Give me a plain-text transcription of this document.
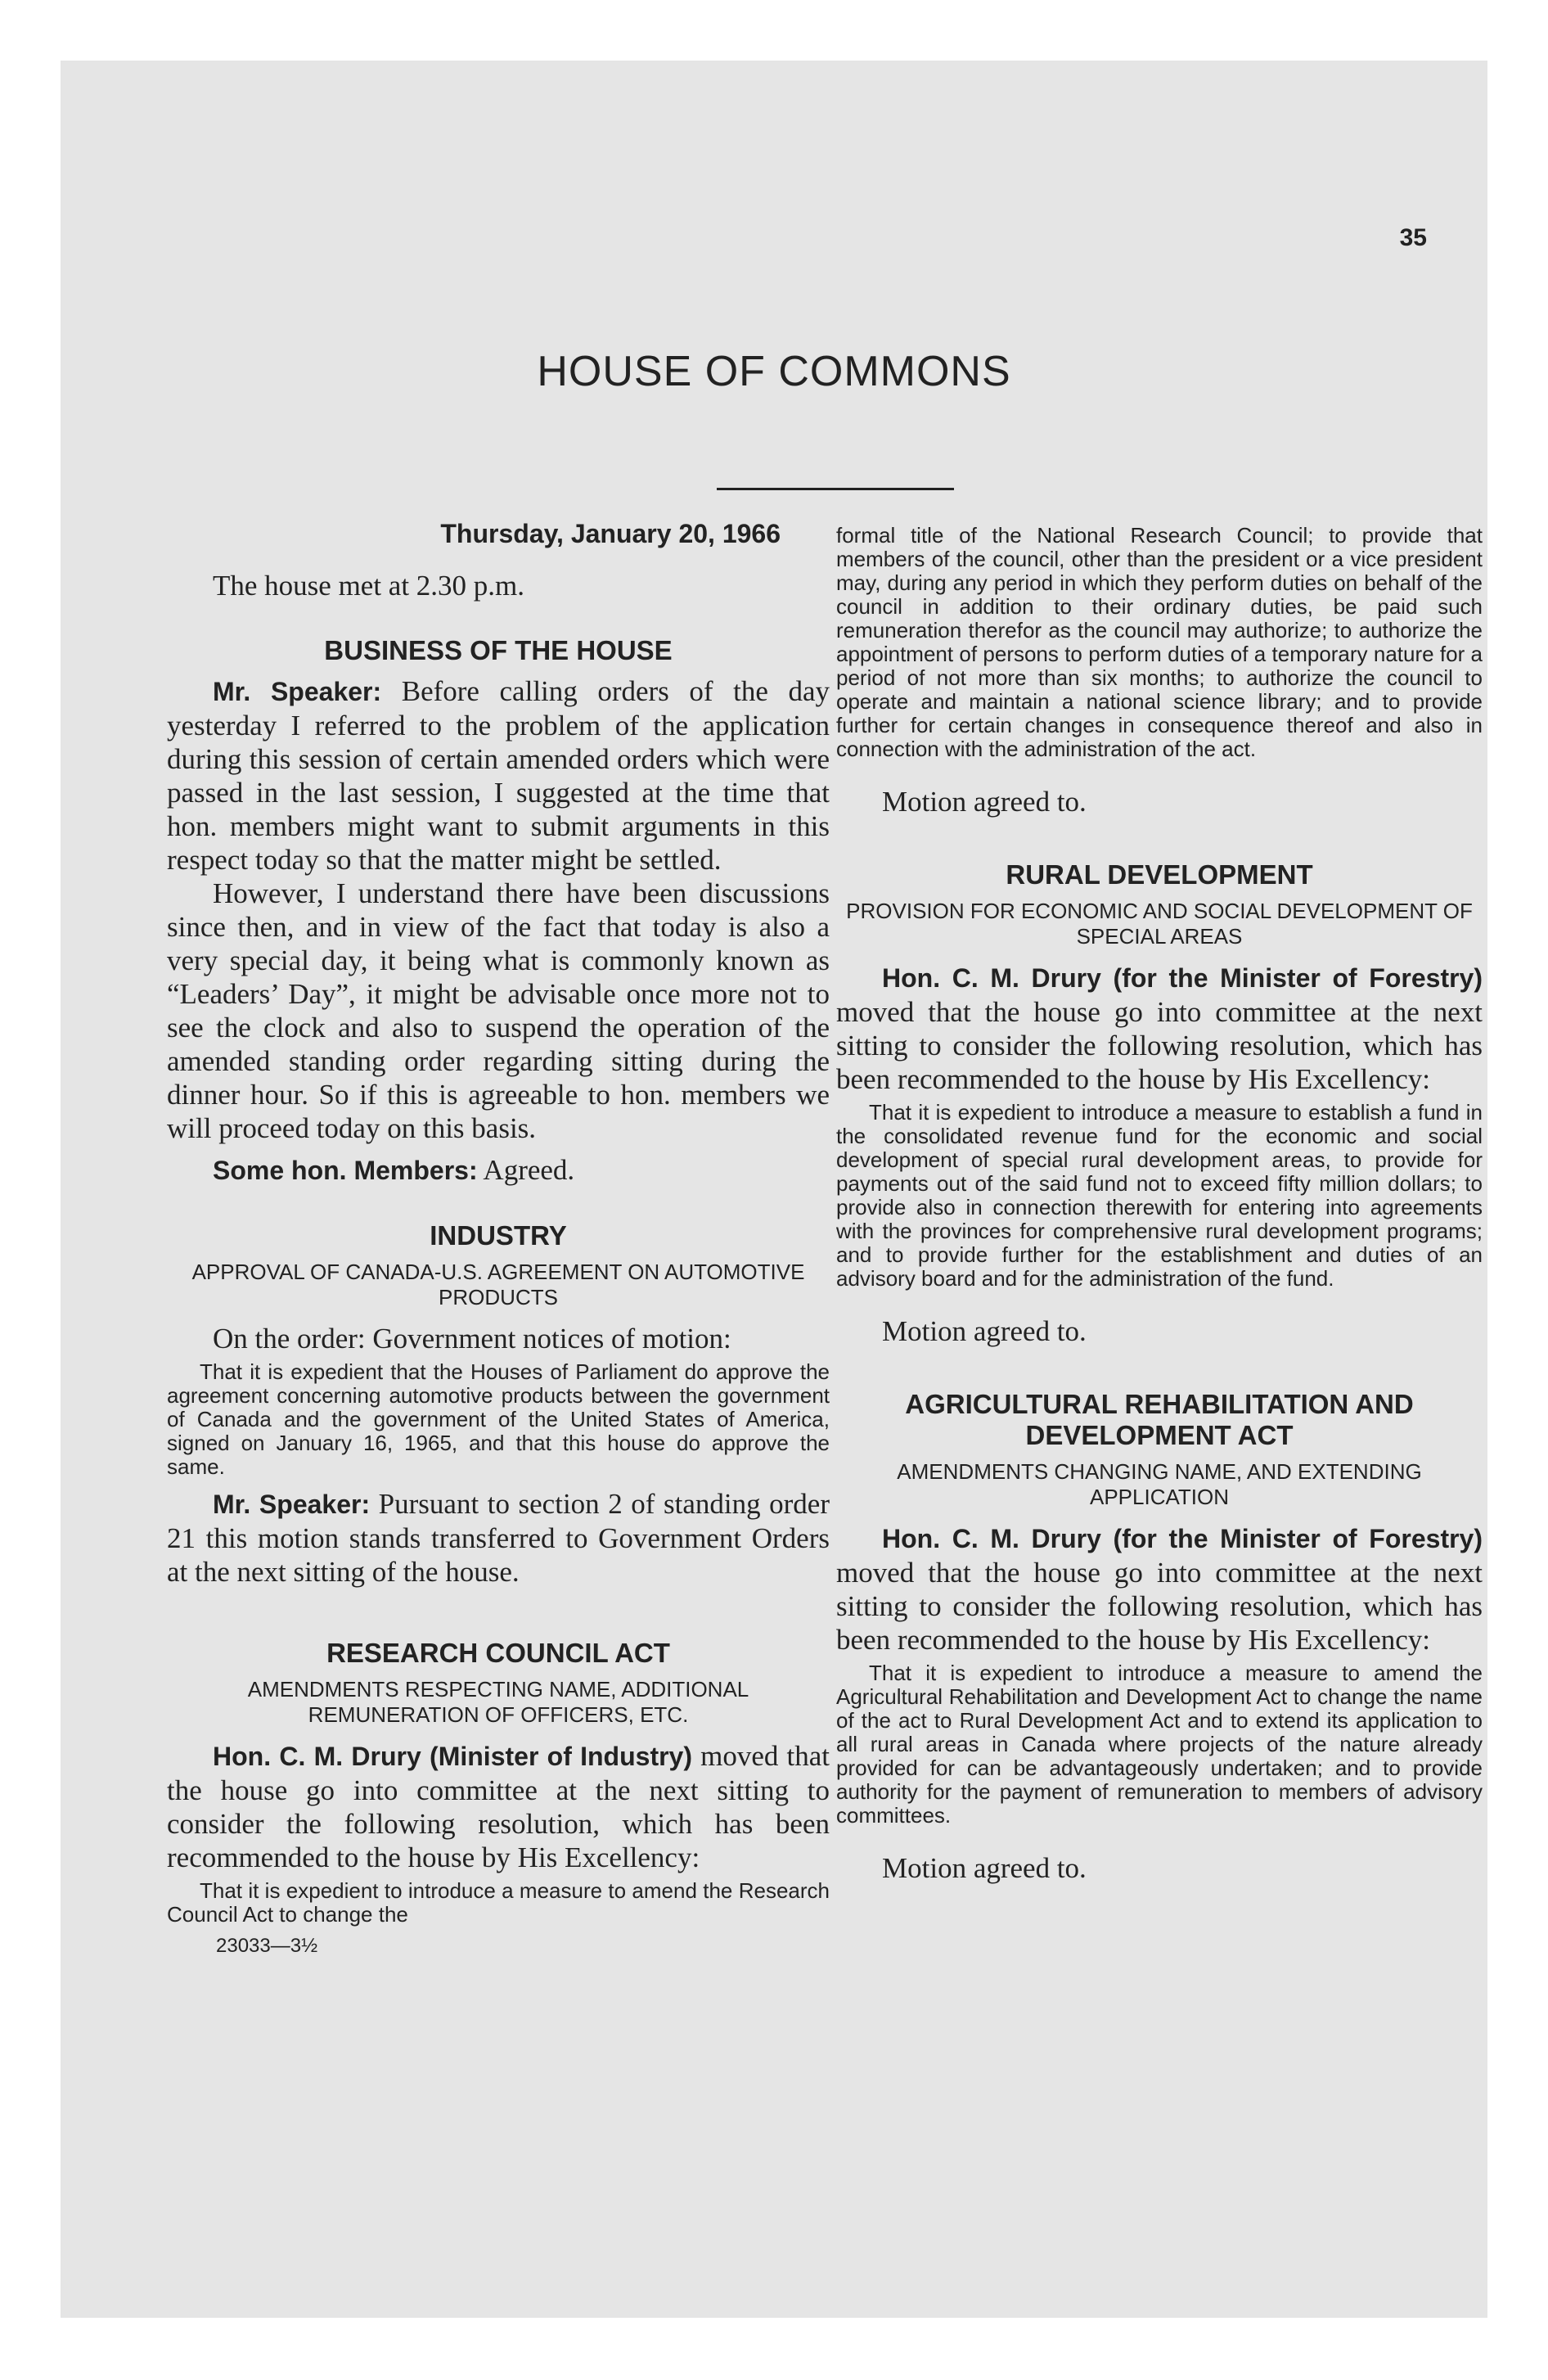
35
HOUSE OF COMMONS

Thursday, January 20, 1966

The house met at 2.30 p.m.

BUSINESS OF THE HOUSE

Mr. Speaker: Before calling orders of the day yesterday I referred to the problem of the application during this session of certain amended orders which were passed in the last session, I suggested at the time that hon. members might want to submit arguments in this respect today so that the matter might be settled.

However, I understand there have been discussions since then, and in view of the fact that today is also a very special day, it being what is commonly known as “Leaders’ Day”, it might be advisable once more not to see the clock and also to suspend the operation of the amended standing order regarding sitting during the dinner hour. So if this is agreeable to hon. members we will proceed today on this basis.

Some hon. Members: Agreed.

INDUSTRY
APPROVAL OF CANADA-U.S. AGREEMENT ON AUTOMOTIVE PRODUCTS

On the order: Government notices of motion:

That it is expedient that the Houses of Parliament do approve the agreement concerning automotive products between the government of Canada and the government of the United States of America, signed on January 16, 1965, and that this house do approve the same.

Mr. Speaker: Pursuant to section 2 of standing order 21 this motion stands transferred to Government Orders at the next sitting of the house.

RESEARCH COUNCIL ACT
AMENDMENTS RESPECTING NAME, ADDITIONAL REMUNERATION OF OFFICERS, ETC.

Hon. C. M. Drury (Minister of Industry) moved that the house go into committee at the next sitting to consider the following resolution, which has been recommended to the house by His Excellency:

That it is expedient to introduce a measure to amend the Research Council Act to change the

23033—3½

formal title of the National Research Council; to provide that members of the council, other than the president or a vice president may, during any period in which they perform duties on behalf of the council in addition to their ordinary duties, be paid such remuneration therefor as the council may authorize; to authorize the appointment of persons to perform duties of a temporary nature for a period of not more than six months; to authorize the council to operate and maintain a national science library; and to provide further for certain changes in consequence thereof and also in connection with the administration of the act.

Motion agreed to.

RURAL DEVELOPMENT
PROVISION FOR ECONOMIC AND SOCIAL DEVELOPMENT OF SPECIAL AREAS

Hon. C. M. Drury (for the Minister of Forestry) moved that the house go into committee at the next sitting to consider the following resolution, which has been recommended to the house by His Excellency:

That it is expedient to introduce a measure to establish a fund in the consolidated revenue fund for the economic and social development of special rural development areas, to provide for payments out of the said fund not to exceed fifty million dollars; to provide also in connection therewith for entering into agreements with the provinces for comprehensive rural development programs; and to provide further for the establishment and duties of an advisory board and for the administration of the fund.

Motion agreed to.

AGRICULTURAL REHABILITATION AND DEVELOPMENT ACT
AMENDMENTS CHANGING NAME, AND EXTENDING APPLICATION

Hon. C. M. Drury (for the Minister of Forestry) moved that the house go into committee at the next sitting to consider the following resolution, which has been recommended to the house by His Excellency:

That it is expedient to introduce a measure to amend the Agricultural Rehabilitation and Development Act to change the name of the act to Rural Development Act and to extend its application to all rural areas in Canada where projects of the nature already provided for can be advantageously undertaken; and to provide authority for the payment of remuneration to members of advisory committees.

Motion agreed to.
